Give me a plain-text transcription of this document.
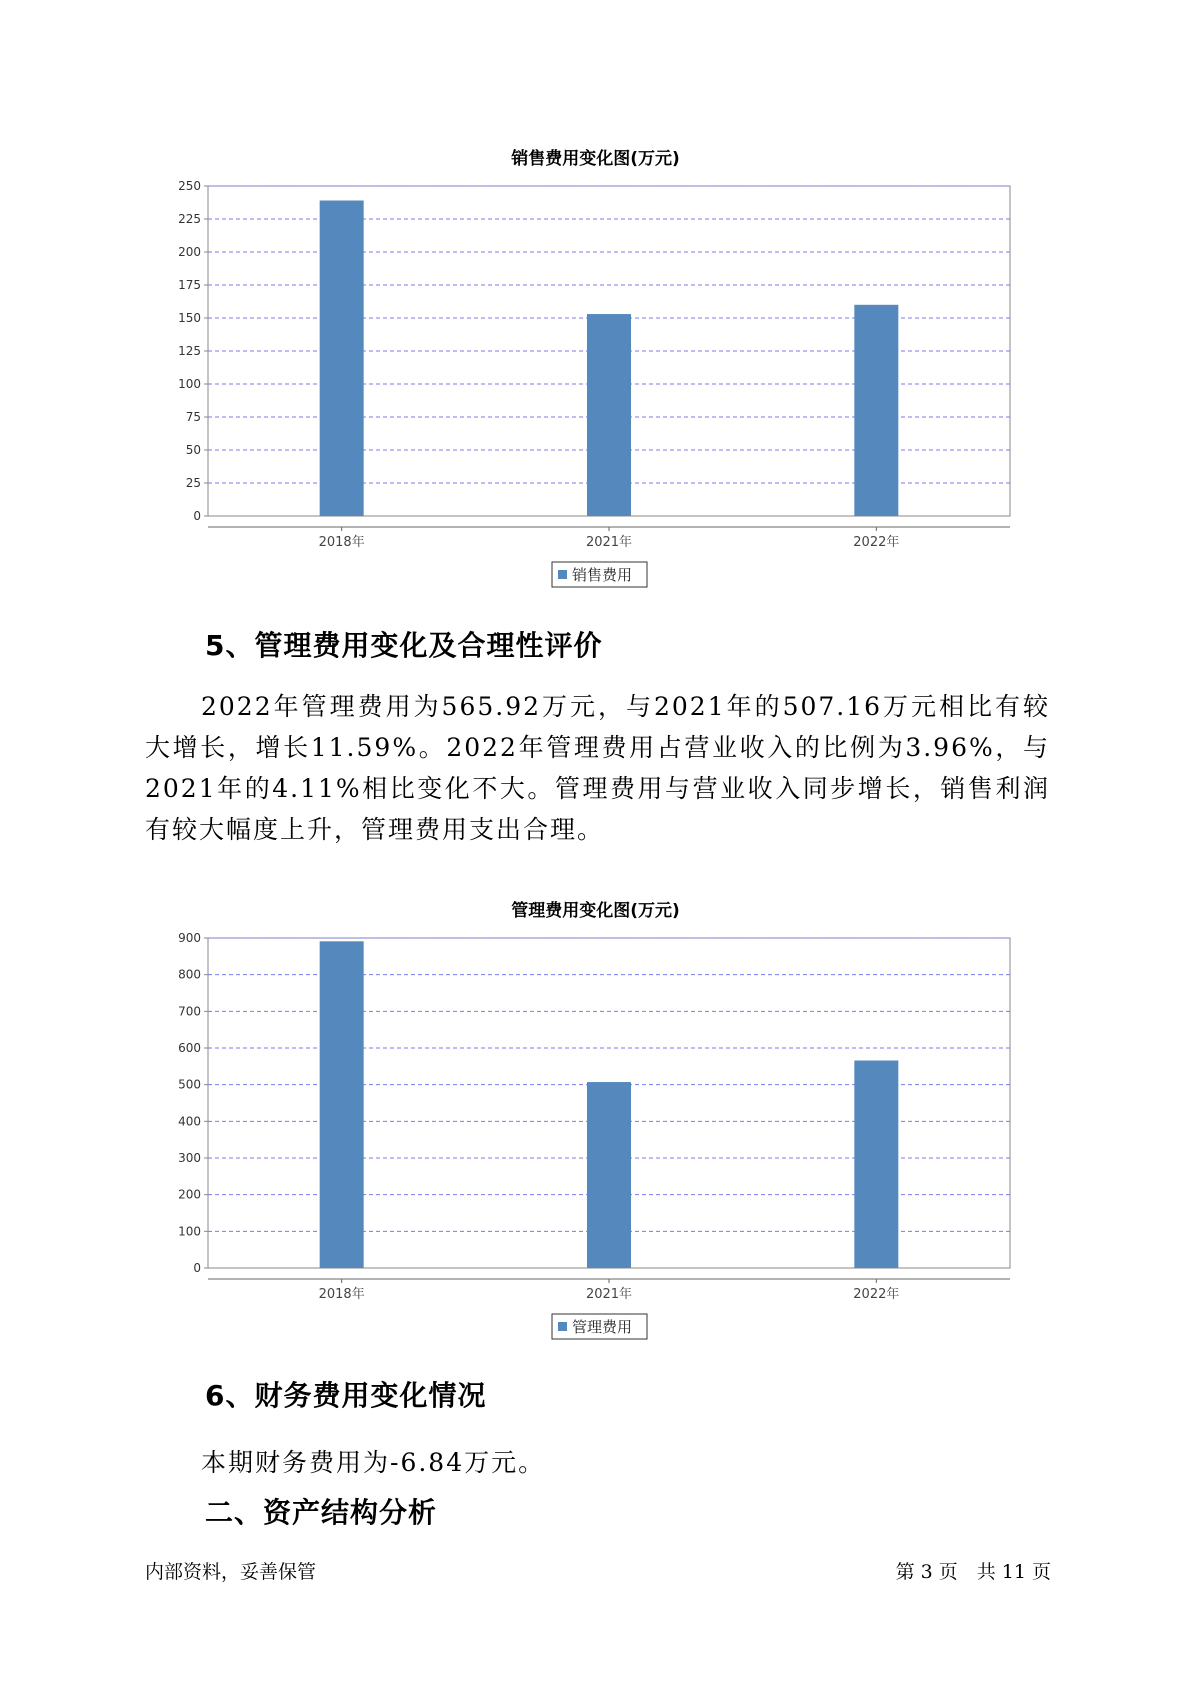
销售费用变化图(万元)
0
25
50
75
100
125
150
175
200
225
250
2018年	2021年	2022年
销售费用
5、管理费用变化及合理性评价
2022年管理费用为565.92万元，与2021年的507.16万元相比有较大增长，增长11.59%。2022年管理费用占营业收入的比例为3.96%，与2021年的4.11%相比变化不大。管理费用与营业收入同步增长，销售利润有较大幅度上升，管理费用支出合理。
管理费用变化图(万元)
0
100
200
300
400
500
600
700
800
900
2018年	2021年	2022年
管理费用
6、财务费用变化情况
本期财务费用为-6.84万元。
二、资产结构分析
内部资料，妥善保管	第 3 页　共 11 页
